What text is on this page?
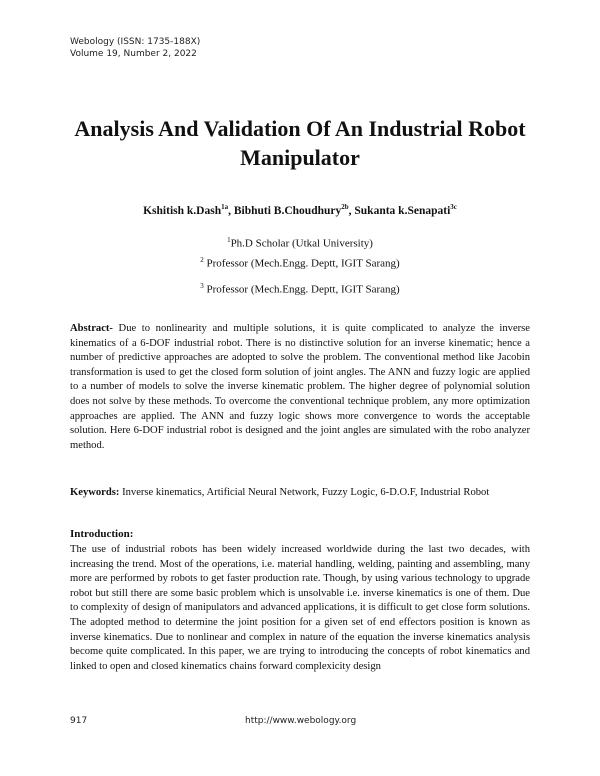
Webology (ISSN: 1735-188X)
Volume 19, Number 2, 2022
Analysis And Validation Of An Industrial Robot Manipulator
Kshitish k.Dash$^{1a}$, Bibhuti B.Choudhury$^{2b}$, Sukanta k.Senapati$^{3c}$
$^1$Ph.D Scholar (Utkal University)
$^2$ Professor (Mech.Engg. Deptt, IGIT Sarang)
$^3$ Professor (Mech.Engg. Deptt, IGIT Sarang)
Abstract- Due to nonlinearity and multiple solutions, it is quite complicated to analyze the inverse kinematics of a 6-DOF industrial robot. There is no distinctive solution for an inverse kinematic; hence a number of predictive approaches are adopted to solve the problem. The conventional method like Jacobin transformation is used to get the closed form solution of joint angles. The ANN and fuzzy logic are applied to a number of models to solve the inverse kinematic problem. The higher degree of polynomial solution does not solve by these methods. To overcome the conventional technique problem, any more optimization approaches are applied. The ANN and fuzzy logic shows more convergence to words the acceptable solution. Here 6-DOF industrial robot is designed and the joint angles are simulated with the robo analyzer method.
Keywords: Inverse kinematics, Artificial Neural Network, Fuzzy Logic, 6-D.O.F, Industrial Robot
Introduction:
The use of industrial robots has been widely increased worldwide during the last two decades, with increasing the trend. Most of the operations, i.e. material handling, welding, painting and assembling, many more are performed by robots to get faster production rate. Though, by using various technology to upgrade robot but still there are some basic problem which is unsolvable i.e. inverse kinematics is one of them. Due to complexity of design of manipulators and advanced applications, it is difficult to get close form solutions. The adopted method to determine the joint position for a given set of end effectors position is known as inverse kinematics. Due to nonlinear and complex in nature of the equation the inverse kinematics analysis become quite complicated. In this paper, we are trying to introducing the concepts of robot kinematics and linked to open and closed kinematics chains forward complexicity design
917	http://www.webology.org
